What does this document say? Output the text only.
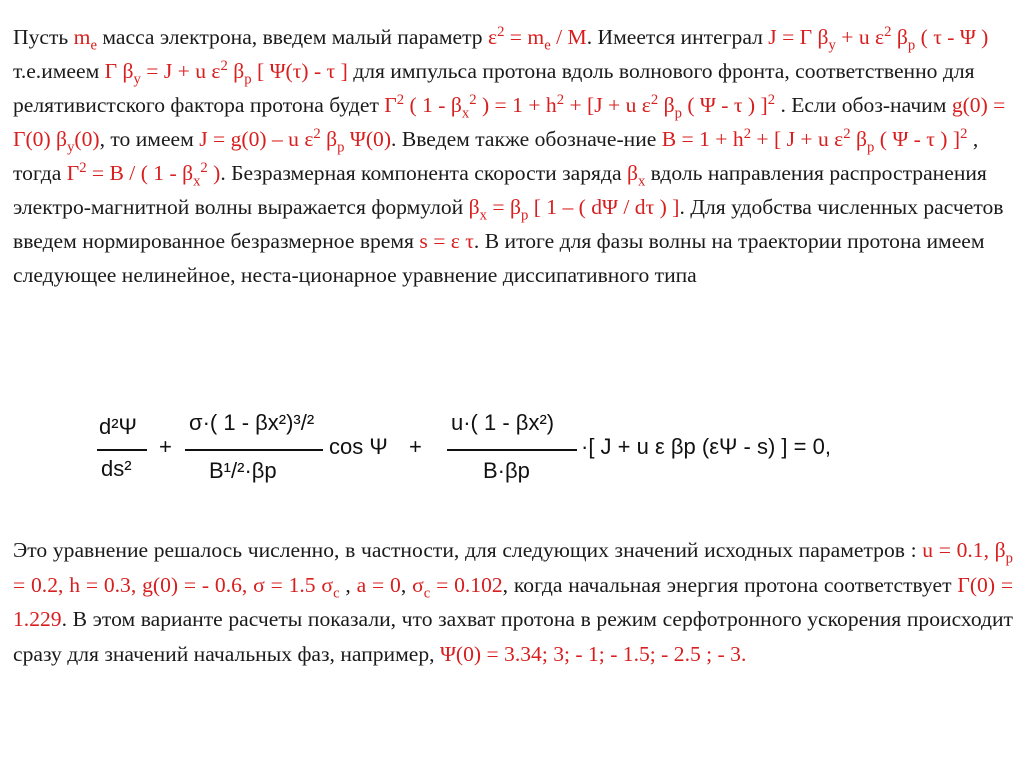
Пусть $m_e$ масса электрона, введем малый параметр $\varepsilon^2 = m_e / M$. Имеется интеграл J = Γ $\beta_y + u$ $\varepsilon^2$ $\beta_p$ ( τ - Ψ ) т.е.имеем Γ $\beta_y = J + u$ $\varepsilon^2$ $\beta_p$ [ Ψ(τ) - τ ] для импульса протона вдоль волнового фронта, соответственно для релятивистского фактора протона будет $\Gamma^2$ ( $1 - \beta_x^2$ ) = $1 + h^2 + [J + u$ $\varepsilon^2$ $\beta_p$ ( Ψ - τ ) ]$^2$ . Если обоз-начим g(0) = Γ(0) $\beta_y(0)$, то имеем J = g(0) – u $\varepsilon^2$ $\beta_p$ Ψ(0). Введем также обозначе-ние $B = 1 + h^2$ + [ J + u $\varepsilon^2$ $\beta_p$ ( Ψ - τ ) ]$^2$ , тогда $\Gamma^2 = B$ / ( $1 - \beta_x^2$ ). Безразмерная компонента скорости заряда $\beta_x$ вдоль направления распространения электро-магнитной волны выражается формулой $\beta_x = \beta_p$ [ 1 – ( dΨ / dτ ) ]. Для удобства численных расчетов введем нормированное безразмерное время s = ε τ. В итоге для фазы волны на траектории протона имеем следующее нелинейное, неста-ционарное уравнение диссипативного типа
d²Ψ
ds²
+
σ·( 1 - βx²)³/²
B¹/²·βp
cos Ψ +
u·( 1 - βx²)
B·βp
·[ J + u ε βp (εΨ - s) ] = 0,
Это уравнение решалось численно, в частности, для следующих значений исходных параметров : u = 0.1, $\beta_p = 0.2$, h = 0.3, g(0) = - 0.6, σ = 1.5 $\sigma_c$ , a = 0, $\sigma_c = 0.102$, когда начальная энергия протона соответствует Γ(0) = 1.229. В этом варианте расчеты показали, что захват протона в режим серфотронного ускорения происходит сразу для значений начальных фаз, например, Ψ(0) = 3.34; 3; - 1; - 1.5; - 2.5 ; - 3.
